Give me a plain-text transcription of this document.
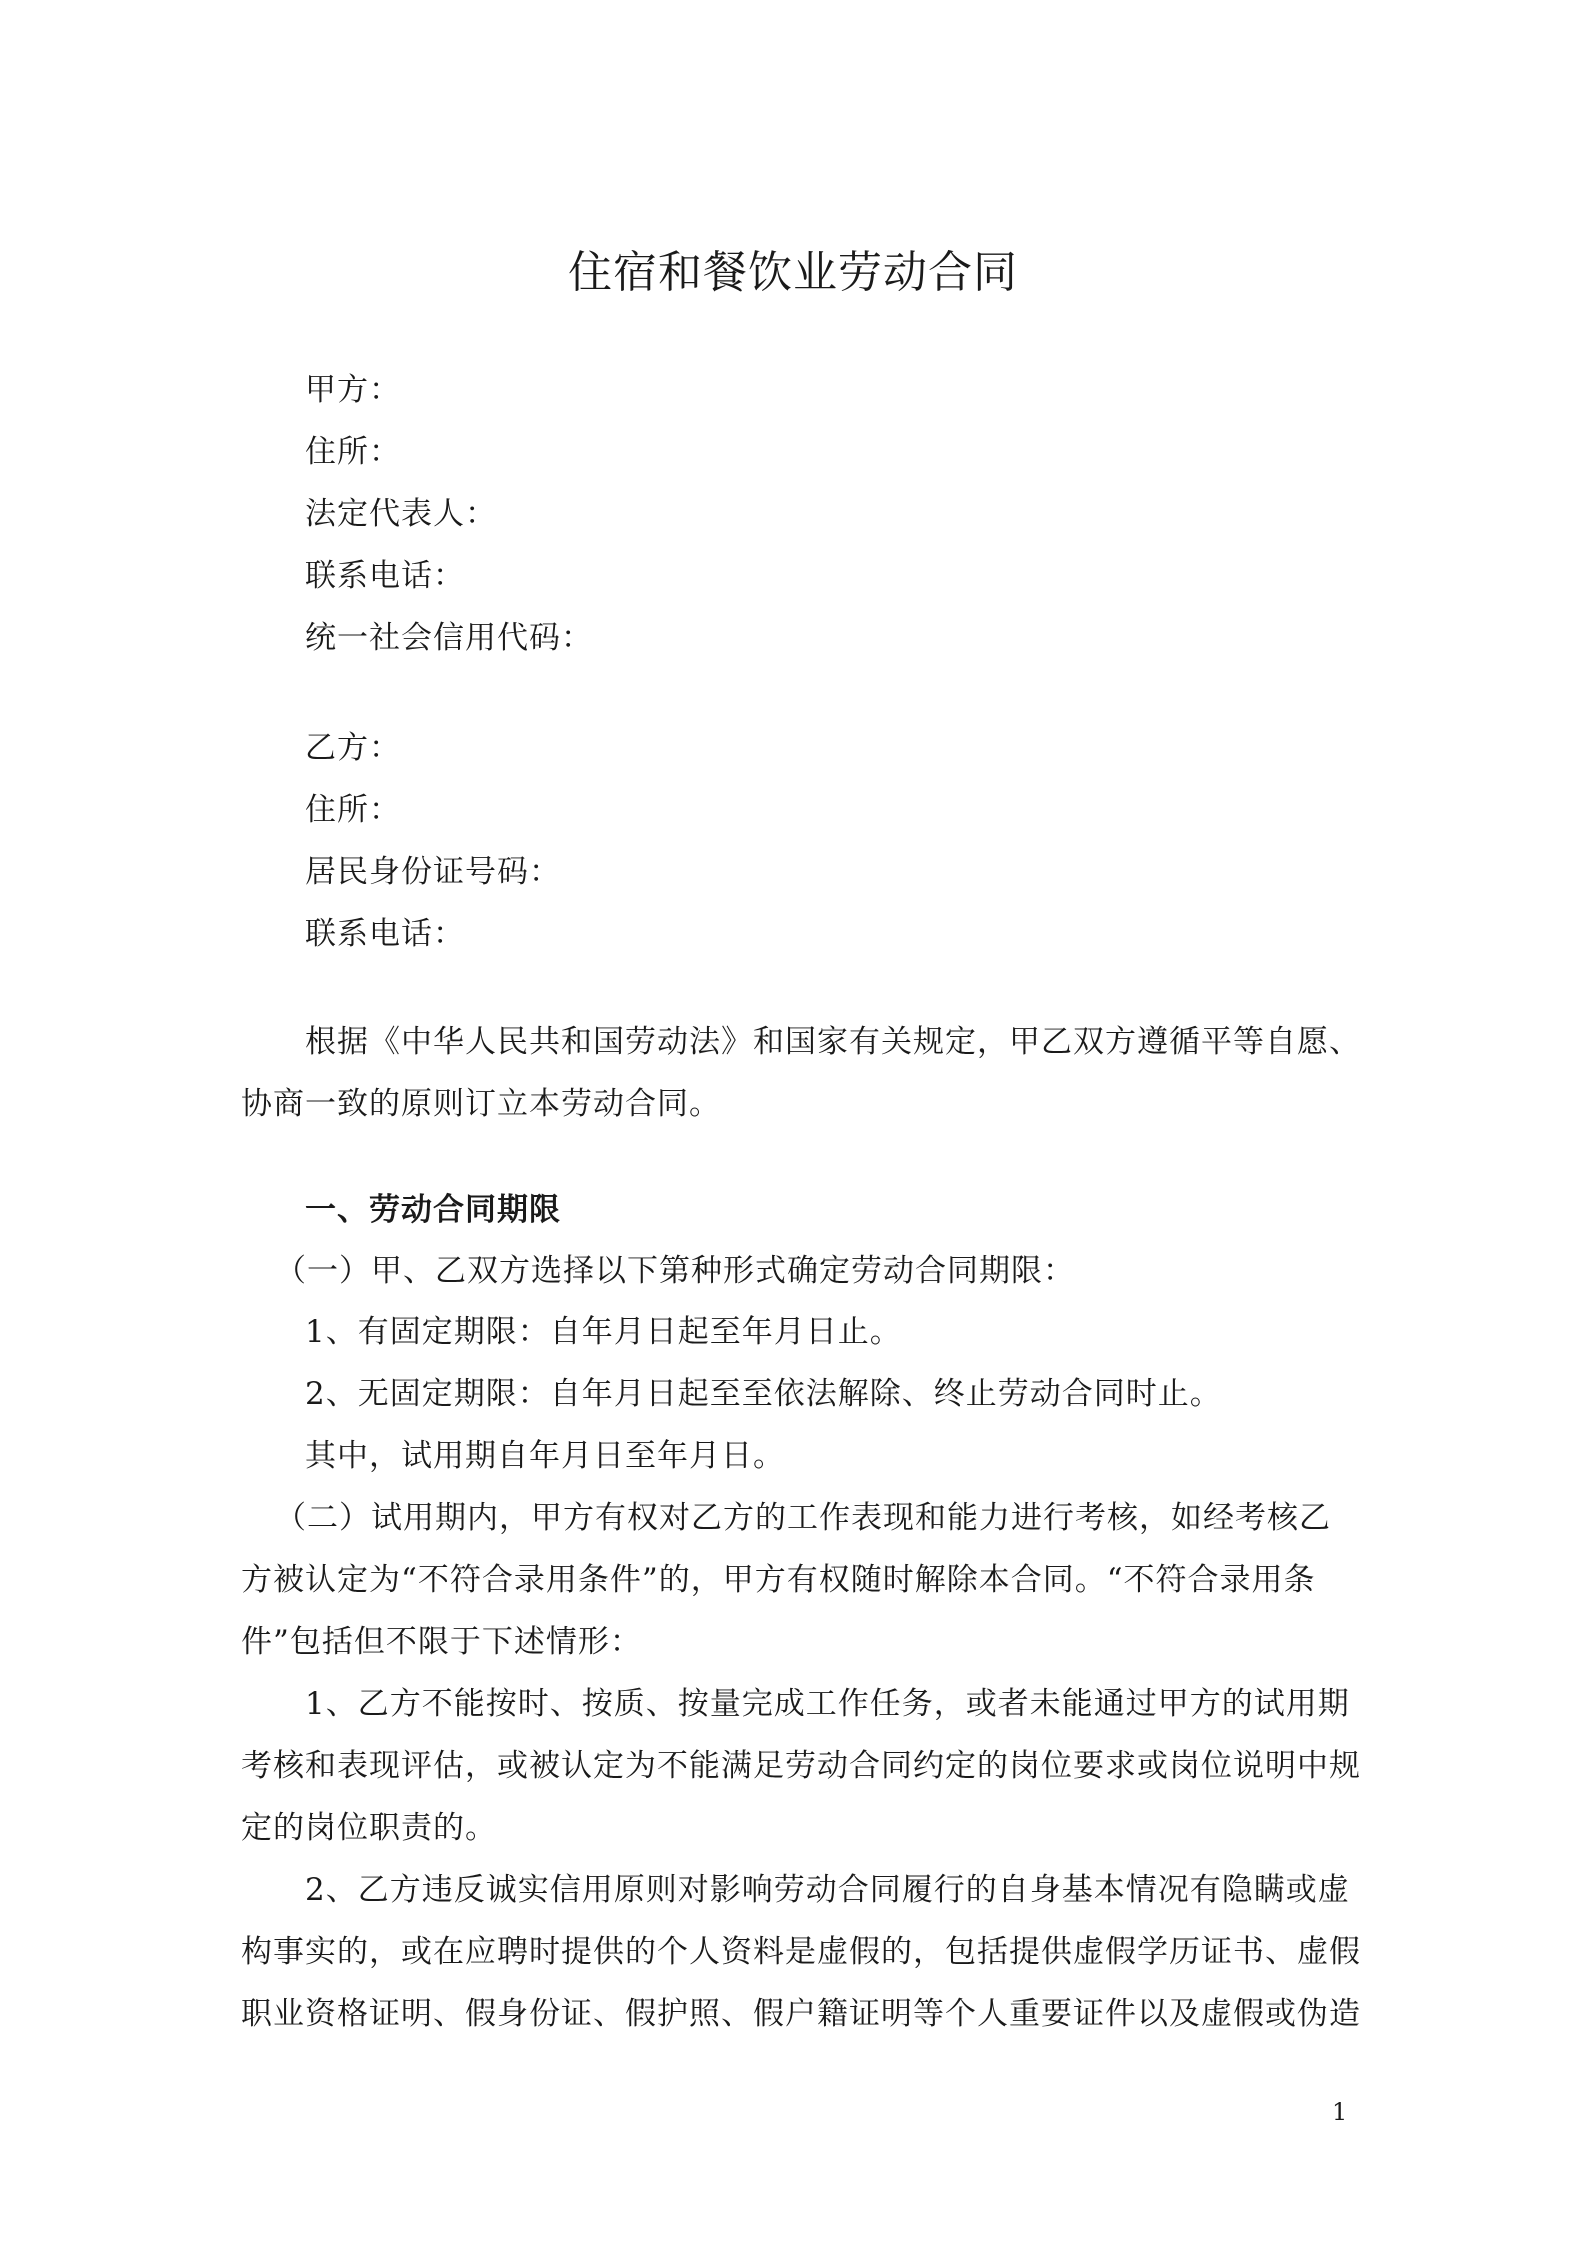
住宿和餐饮业劳动合同
甲方：
住所：
法定代表人：
联系电话：
统一社会信用代码：
乙方：
住所：
居民身份证号码：
联系电话：
根据《中华人民共和国劳动法》和国家有关规定，甲乙双方遵循平等自愿、
协商一致的原则订立本劳动合同。
一、劳动合同期限
（一）甲、乙双方选择以下第种形式确定劳动合同期限：
1、有固定期限：自年月日起至年月日止。
2、无固定期限：自年月日起至至依法解除、终止劳动合同时止。
其中，试用期自年月日至年月日。
（二）试用期内，甲方有权对乙方的工作表现和能力进行考核，如经考核乙
方被认定为“不符合录用条件”的，甲方有权随时解除本合同。“不符合录用条
件”包括但不限于下述情形：
1、乙方不能按时、按质、按量完成工作任务，或者未能通过甲方的试用期
考核和表现评估，或被认定为不能满足劳动合同约定的岗位要求或岗位说明中规
定的岗位职责的。
2、乙方违反诚实信用原则对影响劳动合同履行的自身基本情况有隐瞒或虚
构事实的，或在应聘时提供的个人资料是虚假的，包括提供虚假学历证书、虚假
职业资格证明、假身份证、假护照、假户籍证明等个人重要证件以及虚假或伪造
1
